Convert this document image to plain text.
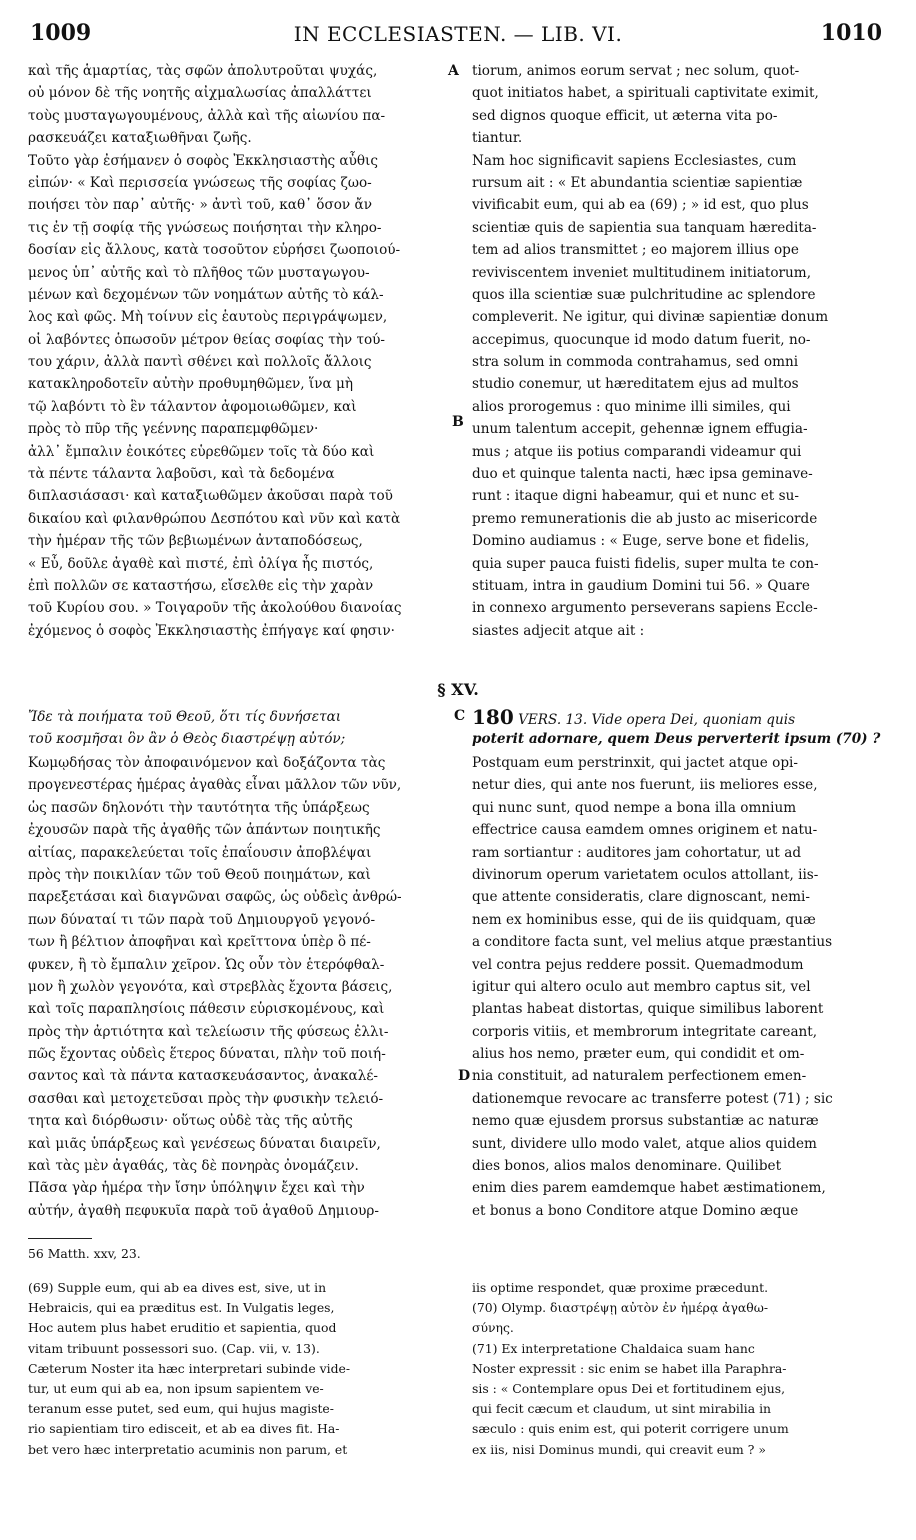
1009	IN ECCLESIASTEN. — LIB. VI.	1010
καὶ τῆς ἁμαρτίας, τὰς σφῶν ἀπολυτροῦται ψυχάς,
οὐ μόνον δὲ τῆς νοητῆς αἰχμαλωσίας ἀπαλλάττει
τοὺς μυσταγωγουμένους, ἀλλὰ καὶ τῆς αἰωνίου πα-
ρασκευάζει καταξιωθῆναι ζωῆς.
Τοῦτο γὰρ ἐσήμανεν ὁ σοφὸς Ἐκκλησιαστὴς αὖθις
εἰπών· « Καὶ περισσεία γνώσεως τῆς σοφίας ζωο-
ποιήσει τὸν παρ᾽ αὐτῆς· » ἀντὶ τοῦ, καθ᾽ ὅσον ἄν
τις ἐν τῇ σοφίᾳ τῆς γνώσεως ποιήσηται τὴν κληρο-
δοσίαν εἰς ἄλλους, κατὰ τοσοῦτον εὑρήσει ζωοποιού-
μενος ὑπ᾽ αὐτῆς καὶ τὸ πλῆθος τῶν μυσταγωγου-
μένων καὶ δεχομένων τῶν νοημάτων αὐτῆς τὸ κάλ-
λος καὶ φῶς. Μὴ τοίνυν εἰς ἑαυτοὺς περιγράψωμεν,
οἱ λαβόντες ὁπωσοῦν μέτρον θείας σοφίας τὴν τού-
του χάριν, ἀλλὰ παντὶ σθένει καὶ πολλοῖς ἄλλοις
κατακληροδοτεῖν αὐτὴν προθυμηθῶμεν, ἵνα μὴ
τῷ λαβόντι τὸ ἓν τάλαντον ἀφομοιωθῶμεν, καὶ
πρὸς τὸ πῦρ τῆς γεέννης παραπεμφθῶμεν·
ἀλλ᾽ ἔμπαλιν ἐοικότες εὑρεθῶμεν τοῖς τὰ δύο καὶ
τὰ πέντε τάλαντα λαβοῦσι, καὶ τὰ δεδομένα
διπλασιάσασι· καὶ καταξιωθῶμεν ἀκοῦσαι παρὰ τοῦ
δικαίου καὶ φιλανθρώπου Δεσπότου καὶ νῦν καὶ κατὰ
τὴν ἡμέραν τῆς τῶν βεβιωμένων ἀνταποδόσεως,
« Εὖ, δοῦλε ἀγαθὲ καὶ πιστέ, ἐπὶ ὀλίγα ἦς πιστός,
ἐπὶ πολλῶν σε καταστήσω, εἴσελθε εἰς τὴν χαρὰν
τοῦ Κυρίου σου. » Τοιγαροῦν τῆς ἀκολούθου διανοίας
ἐχόμενος ὁ σοφὸς Ἐκκλησιαστὴς ἐπήγαγε καί φησιν·
tiorum, animos eorum servat ; nec solum, quot-
quot initiatos habet, a spirituali captivitate eximit,
sed dignos quoque efficit, ut æterna vita po-
tiantur.
Nam hoc significavit sapiens Ecclesiastes, cum
rursum ait : « Et abundantia scientiæ sapientiæ
vivificabit eum, qui ab ea (69) ; » id est, quo plus
scientiæ quis de sapientia sua tanquam hæredita-
tem ad alios transmittet ; eo majorem illius ope
reviviscentem inveniet multitudinem initiatorum,
quos illa scientiæ suæ pulchritudine ac splendore
compleverit. Ne igitur, qui divinæ sapientiæ donum
accepimus, quocunque id modo datum fuerit, no-
stra solum in commoda contrahamus, sed omni
studio conemur, ut hæreditatem ejus ad multos
alios prorogemus : quo minime illi similes, qui
unum talentum accepit, gehennæ ignem effugia-
mus ; atque iis potius comparandi videamur qui
duo et quinque talenta nacti, hæc ipsa geminave-
runt : itaque digni habeamur, qui et nunc et su-
premo remunerationis die ab justo ac misericorde
Domino audiamus : « Euge, serve bone et fidelis,
quia super pauca fuisti fidelis, super multa te con-
stituam, intra in gaudium Domini tui 56. » Quare
in connexo argumento perseverans sapiens Eccle-
siastes adjecit atque ait :
A
B
§ XV.
Ἴδε τὰ ποιήματα τοῦ Θεοῦ, ὅτι τίς δυνήσεται
τοῦ κοσμῆσαι ὃν ἂν ὁ Θεὸς διαστρέψῃ αὐτόν;
Κωμῳδήσας τὸν ἀποφαινόμενον καὶ δοξάζοντα τὰς
προγενεστέρας ἡμέρας ἀγαθὰς εἶναι μᾶλλον τῶν νῦν,
ὡς πασῶν δηλονότι τὴν ταυτότητα τῆς ὑπάρξεως
ἐχουσῶν παρὰ τῆς ἀγαθῆς τῶν ἁπάντων ποιητικῆς
αἰτίας, παρακελεύεται τοῖς ἐπαΐουσιν ἀποβλέψαι
πρὸς τὴν ποικιλίαν τῶν τοῦ Θεοῦ ποιημάτων, καὶ
παρεξετάσαι καὶ διαγνῶναι σαφῶς, ὡς οὐδεὶς ἀνθρώ-
πων δύναταί τι τῶν παρὰ τοῦ Δημιουργοῦ γεγονό-
των ἢ βέλτιον ἀποφῆναι καὶ κρεῖττονα ὑπὲρ ὃ πέ-
φυκεν, ἢ τὸ ἔμπαλιν χεῖρον. Ὡς οὖν τὸν ἑτερόφθαλ-
μον ἢ χωλὸν γεγονότα, καὶ στρεβλὰς ἔχοντα βάσεις,
καὶ τοῖς παραπλησίοις πάθεσιν εὑρισκομένους, καὶ
πρὸς τὴν ἀρτιότητα καὶ τελείωσιν τῆς φύσεως ἐλλι-
πῶς ἔχοντας οὐδεὶς ἕτερος δύναται, πλὴν τοῦ ποιή-
σαντος καὶ τὰ πάντα κατασκευάσαντος, ἀνακαλέ-
σασθαι καὶ μετοχετεῦσαι πρὸς τὴν φυσικὴν τελειό-
τητα καὶ διόρθωσιν· οὕτως οὐδὲ τὰς τῆς αὐτῆς
καὶ μιᾶς ὑπάρξεως καὶ γενέσεως δύναται διαιρεῖν,
καὶ τὰς μὲν ἀγαθάς, τὰς δὲ πονηρὰς ὀνομάζειν.
Πᾶσα γὰρ ἡμέρα τὴν ἴσην ὑπόληψιν ἔχει καὶ τὴν
αὐτήν, ἀγαθὴ πεφυκυῖα παρὰ τοῦ ἀγαθοῦ Δημιουρ-
C
D
180 VERS. 13. Vide opera Dei, quoniam quis
poterit adornare, quem Deus perverterit ipsum (70) ?
Postquam eum perstrinxit, qui jactet atque opi-
netur dies, qui ante nos fuerunt, iis meliores esse,
qui nunc sunt, quod nempe a bona illa omnium
effectrice causa eamdem omnes originem et natu-
ram sortiantur : auditores jam cohortatur, ut ad
divinorum operum varietatem oculos attollant, iis-
que attente consideratis, clare dignoscant, nemi-
nem ex hominibus esse, qui de iis quidquam, quæ
a conditore facta sunt, vel melius atque præstantius
vel contra pejus reddere possit. Quemadmodum
igitur qui altero oculo aut membro captus sit, vel
plantas habeat distortas, quique similibus laborent
corporis vitiis, et membrorum integritate careant,
alius hos nemo, præter eum, qui condidit et om-
nia constituit, ad naturalem perfectionem emen-
dationemque revocare ac transferre potest (71) ; sic
nemo quæ ejusdem prorsus substantiæ ac naturæ
sunt, dividere ullo modo valet, atque alios quidem
dies bonos, alios malos denominare. Quilibet
enim dies parem eamdemque habet æstimationem,
et bonus a bono Conditore atque Domino æque
56 Matth. xxv, 23.
(69) Supple eum, qui ab ea dives est, sive, ut in
Hebraicis, qui ea præditus est. In Vulgatis leges,
Hoc autem plus habet eruditio et sapientia, quod
vitam tribuunt possessori suo. (Cap. vii, v. 13).
Cæterum Noster ita hæc interpretari subinde vide-
tur, ut eum qui ab ea, non ipsum sapientem ve-
teranum esse putet, sed eum, qui hujus magiste-
rio sapientiam tiro edisceit, et ab ea dives fit. Ha-
bet vero hæc interpretatio acuminis non parum, et
iis optime respondet, quæ proxime præcedunt.
(70) Olymp. διαστρέψῃ αὐτὸν ἐν ἡμέρᾳ ἀγαθω-
σύνης.
(71) Ex interpretatione Chaldaica suam hanc
Noster expressit : sic enim se habet illa Paraphra-
sis : « Contemplare opus Dei et fortitudinem ejus,
qui fecit cæcum et claudum, ut sint mirabilia in
sæculo : quis enim est, qui poterit corrigere unum
ex iis, nisi Dominus mundi, qui creavit eum ? »
